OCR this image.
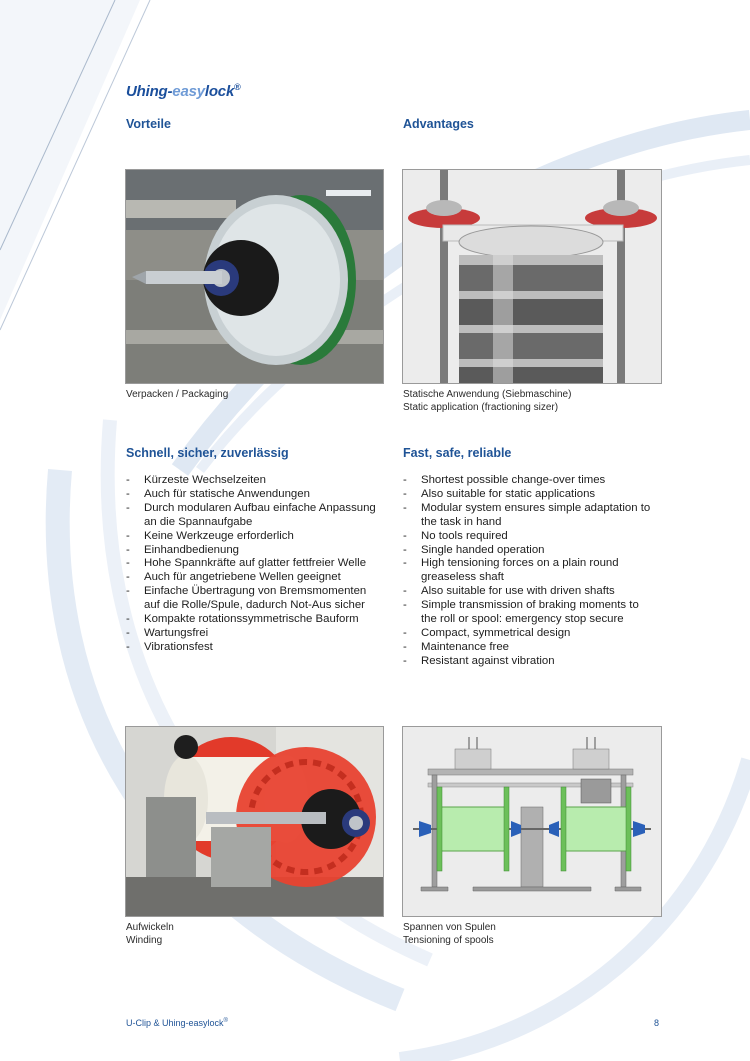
Uhing-easylock®
Vorteile	Advantages
Verpacken / Packaging	Statische Anwendung (Siebmaschine)
Static application (fractioning sizer)
Schnell, sicher, zuverlässig	Fast, safe, reliable
- Kürzeste Wechselzeiten
- Auch für statische Anwendungen
- Durch modularen Aufbau einfache Anpassung
an die Spannaufgabe
- Keine Werkzeuge erforderlich
- Einhandbedienung
- Hohe Spannkräfte auf glatter fettfreier Welle
- Auch für angetriebene Wellen geeignet
- Einfache Übertragung von Bremsmomenten
auf die Rolle/Spule, dadurch Not-Aus sicher
- Kompakte rotationssymmetrische Bauform
- Wartungsfrei
- Vibrationsfest
- Shortest possible change-over times
- Also suitable for static applications
- Modular system ensures simple adaptation to
the task in hand
- No tools required
- Single handed operation
- High tensioning forces on a plain round
greaseless shaft
- Also suitable for use with driven shafts
- Simple transmission of braking moments to
the roll or spool: emergency stop secure
- Compact, symmetrical design
- Maintenance free
- Resistant against vibration
Aufwickeln
Winding
Spannen von Spulen
Tensioning of spools
U-Clip & Uhing-easylock®	8
